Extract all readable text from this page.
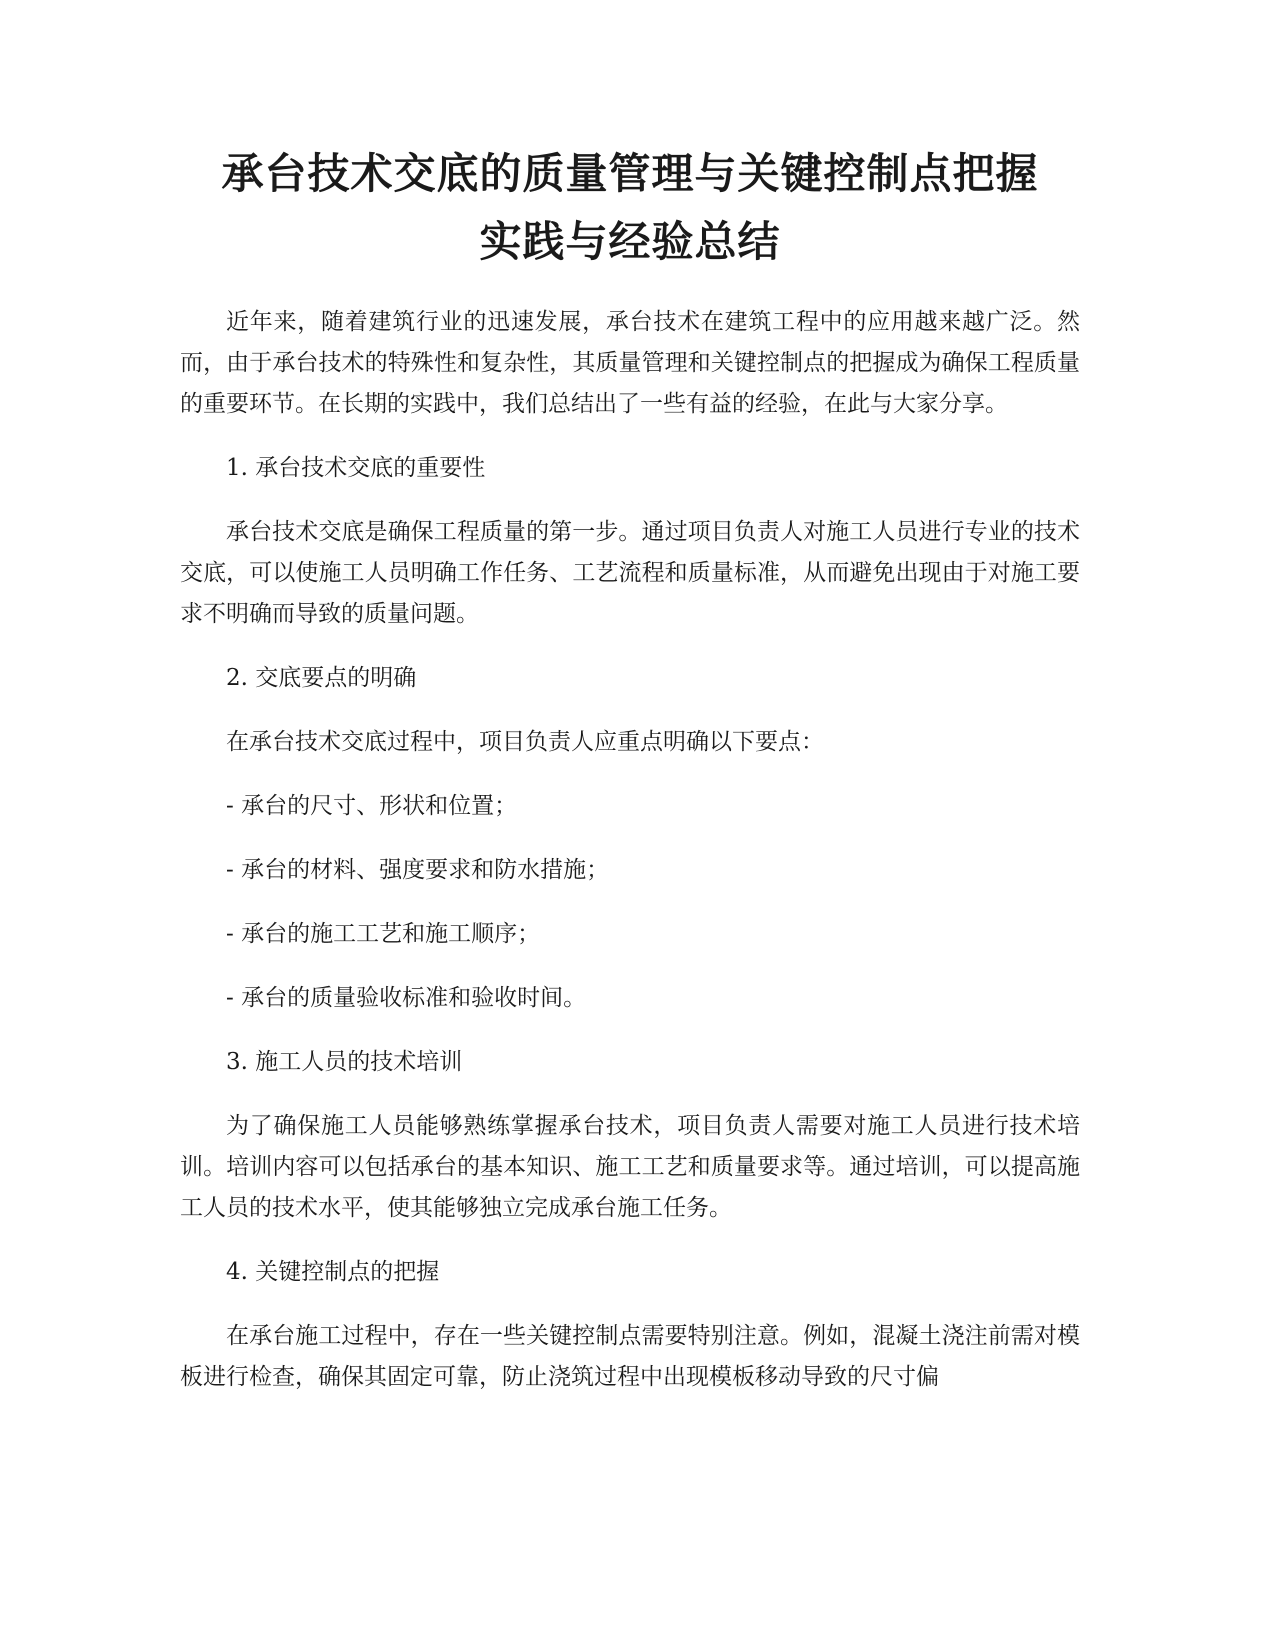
承台技术交底的质量管理与关键控制点把握
实践与经验总结

近年来，随着建筑行业的迅速发展，承台技术在建筑工程中的应用越来越广泛。然而，由于承台技术的特殊性和复杂性，其质量管理和关键控制点的把握成为确保工程质量的重要环节。在长期的实践中，我们总结出了一些有益的经验，在此与大家分享。

1. 承台技术交底的重要性

承台技术交底是确保工程质量的第一步。通过项目负责人对施工人员进行专业的技术交底，可以使施工人员明确工作任务、工艺流程和质量标准，从而避免出现由于对施工要求不明确而导致的质量问题。

2. 交底要点的明确

在承台技术交底过程中，项目负责人应重点明确以下要点：

- 承台的尺寸、形状和位置；

- 承台的材料、强度要求和防水措施；

- 承台的施工工艺和施工顺序；

- 承台的质量验收标准和验收时间。

3. 施工人员的技术培训

为了确保施工人员能够熟练掌握承台技术，项目负责人需要对施工人员进行技术培训。培训内容可以包括承台的基本知识、施工工艺和质量要求等。通过培训，可以提高施工人员的技术水平，使其能够独立完成承台施工任务。

4. 关键控制点的把握

在承台施工过程中，存在一些关键控制点需要特别注意。例如，混凝土浇注前需对模板进行检查，确保其固定可靠，防止浇筑过程中出现模板移动导致的尺寸偏
